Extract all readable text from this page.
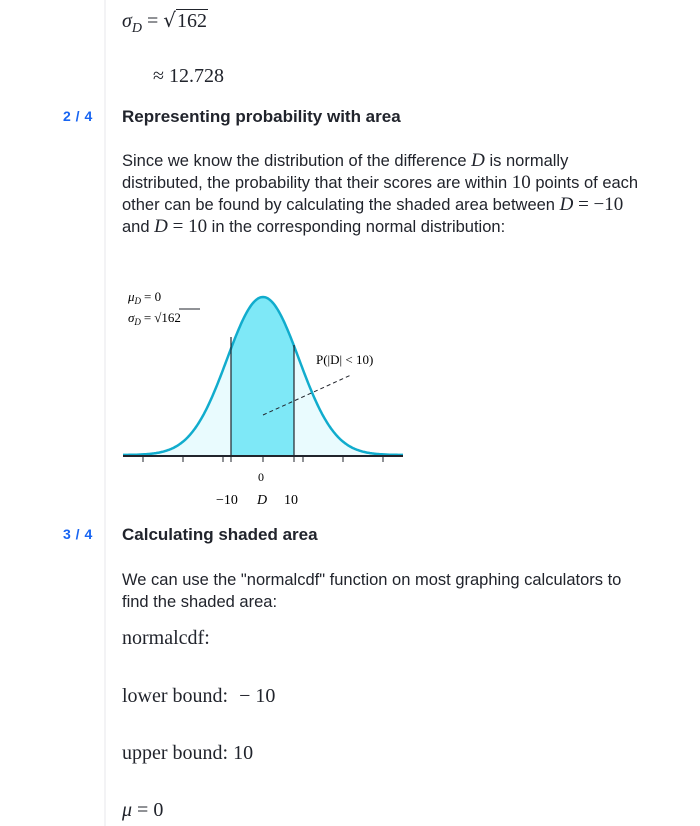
$\sigma_D = √162$
≈ 12.728
2 / 4 Representing probability with area
Since we know the distribution of the difference D is normally distributed, the probability that their scores are within 10 points of each other can be found by calculating the shaded area between D = −10 and D = 10 in the corresponding normal distribution:
$\mu_D = 0$
$\sigma_D = √162$
P(|D| < 10)
0
−10 D 10
3 / 4 Calculating shaded area
We can use the "normalcdf" function on most graphing calculators to find the shaded area:
normalcdf:
lower bound: − 10
upper bound: 10
μ = 0
